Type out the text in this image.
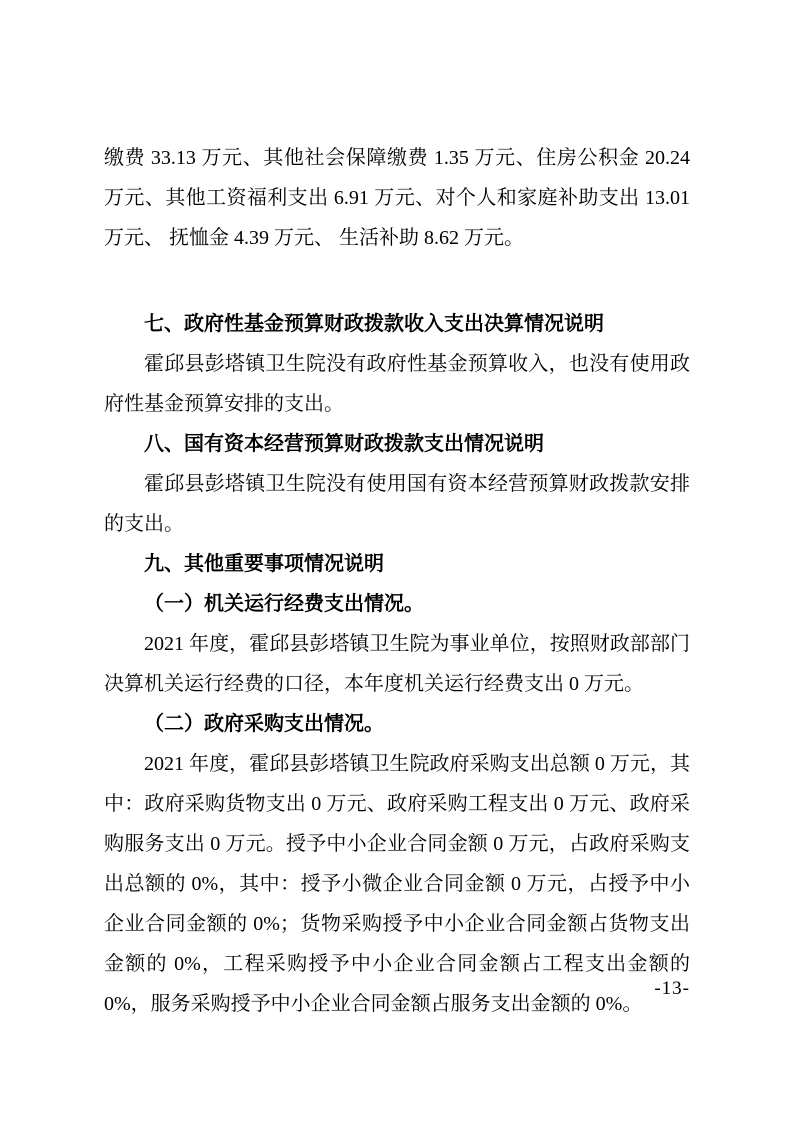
缴费 33.13 万元、其他社会保障缴费 1.35 万元、住房公积金 20.24 万元、其他工资福利支出 6.91 万元、对个人和家庭补助支出 13.01 万元、 抚恤金 4.39 万元、 生活补助 8.62 万元。

七、政府性基金预算财政拨款收入支出决算情况说明

霍邱县彭塔镇卫生院没有政府性基金预算收入，也没有使用政府性基金预算安排的支出。

八、国有资本经营预算财政拨款支出情况说明

霍邱县彭塔镇卫生院没有使用国有资本经营预算财政拨款安排的支出。

九、其他重要事项情况说明

（一）机关运行经费支出情况。

2021 年度，霍邱县彭塔镇卫生院为事业单位，按照财政部部门决算机关运行经费的口径，本年度机关运行经费支出 0 万元。

（二）政府采购支出情况。

2021 年度，霍邱县彭塔镇卫生院政府采购支出总额 0 万元，其中：政府采购货物支出 0 万元、政府采购工程支出 0 万元、政府采购服务支出 0 万元。授予中小企业合同金额 0 万元，占政府采购支出总额的 0%，其中：授予小微企业合同金额 0 万元，占授予中小企业合同金额的 0%；货物采购授予中小企业合同金额占货物支出金额的 0%，工程采购授予中小企业合同金额占工程支出金额的 0%，服务采购授予中小企业合同金额占服务支出金额的 0%。

-13-
